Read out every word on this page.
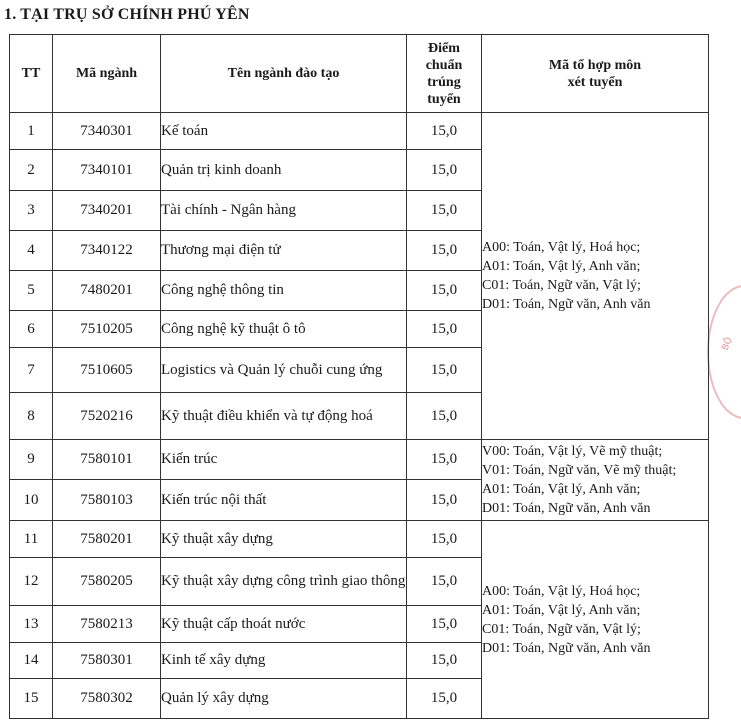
1. TẠI TRỤ SỞ CHÍNH PHÚ YÊN
BỘ
TT	Mã ngành	Tên ngành đào tạo	Điểm
chuẩn
trúng
tuyển	Mã tổ hợp môn
xét tuyển
1	7340301	Kế toán	15,0	A00: Toán, Vật lý, Hoá học;
A01: Toán, Vật lý, Anh văn;
C01: Toán, Ngữ văn, Vật lý;
D01: Toán, Ngữ văn, Anh văn

2	7340101	Quản trị kinh doanh	15,0	
3	7340201	Tài chính - Ngân hàng	15,0	
4	7340122	Thương mại điện tử	15,0	
5	7480201	Công nghệ thông tin	15,0	
6	7510205	Công nghệ kỹ thuật ô tô	15,0	
7	7510605	Logistics và Quản lý chuỗi cung ứng	15,0	
8	7520216	Kỹ thuật điều khiển và tự động hoá	15,0	
9	7580101	Kiến trúc	15,0	V00: Toán, Vật lý, Vẽ mỹ thuật;
V01: Toán, Ngữ văn, Vẽ mỹ thuật;
A01: Toán, Vật lý, Anh văn;
D01: Toán, Ngữ văn, Anh văn

10	7580103	Kiến trúc nội thất	15,0	
11	7580201	Kỹ thuật xây dựng	15,0	A00: Toán, Vật lý, Hoá học;
A01: Toán, Vật lý, Anh văn;
C01: Toán, Ngữ văn, Vật lý;
D01: Toán, Ngữ văn, Anh văn

12	7580205	Kỹ thuật xây dựng công trình giao thông	15,0	
13	7580213	Kỹ thuật cấp thoát nước	15,0	
14	7580301	Kinh tế xây dựng	15,0	
15	7580302	Quản lý xây dựng	15,0	
